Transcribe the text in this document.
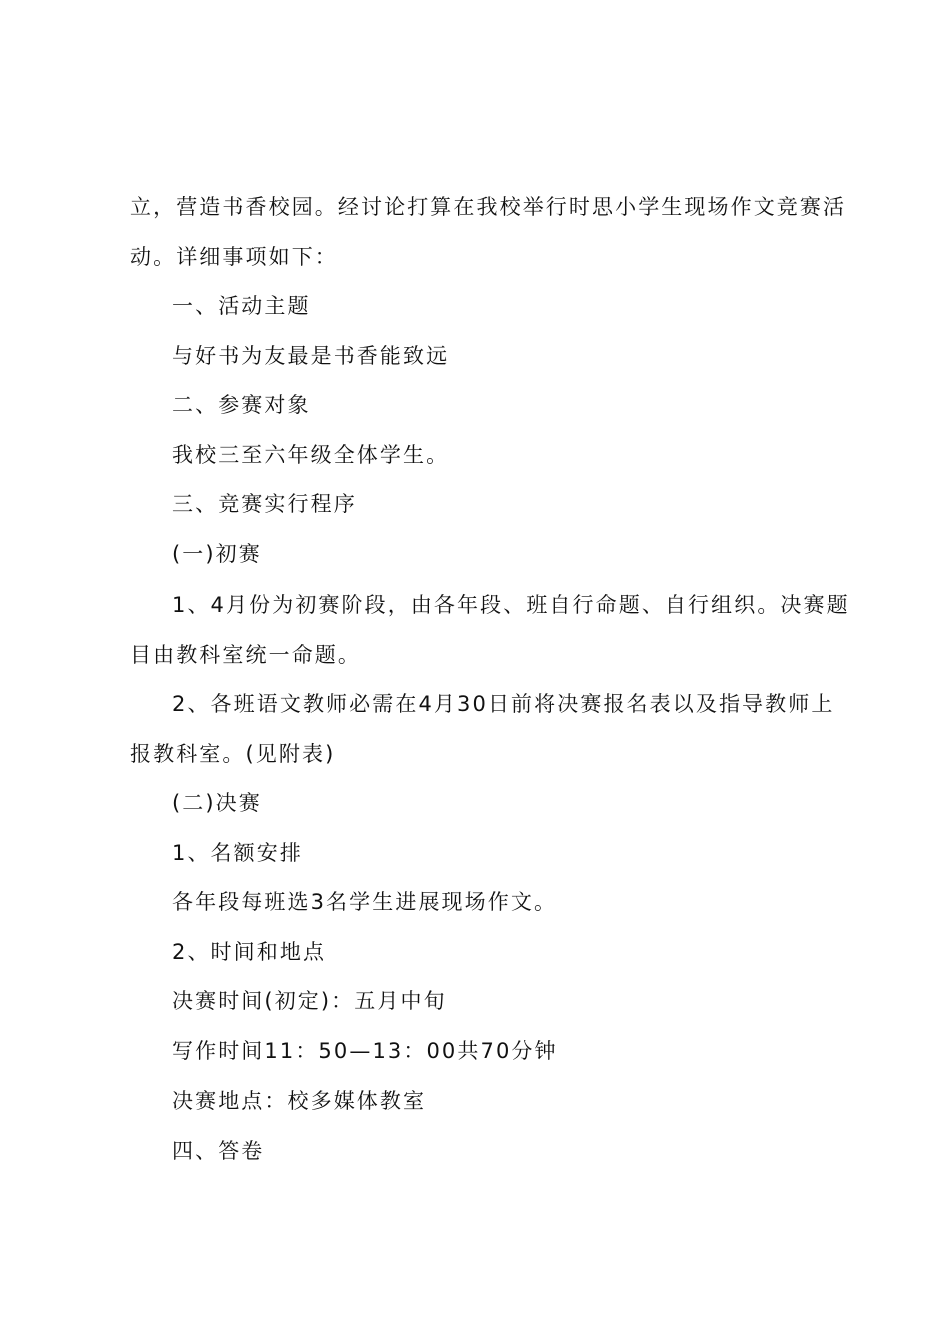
立，营造书香校园。经讨论打算在我校举行时思小学生现场作文竞赛活
动。详细事项如下：
一、活动主题
与好书为友最是书香能致远
二、参赛对象
我校三至六年级全体学生。
三、竞赛实行程序
(一)初赛
1、4月份为初赛阶段，由各年段、班自行命题、自行组织。决赛题
目由教科室统一命题。
2、各班语文教师必需在4月30日前将决赛报名表以及指导教师上
报教科室。(见附表)
(二)决赛
1、名额安排
各年段每班选3名学生进展现场作文。
2、时间和地点
决赛时间(初定)：五月中旬
写作时间11：50—13：00共70分钟
决赛地点：校多媒体教室
四、答卷
